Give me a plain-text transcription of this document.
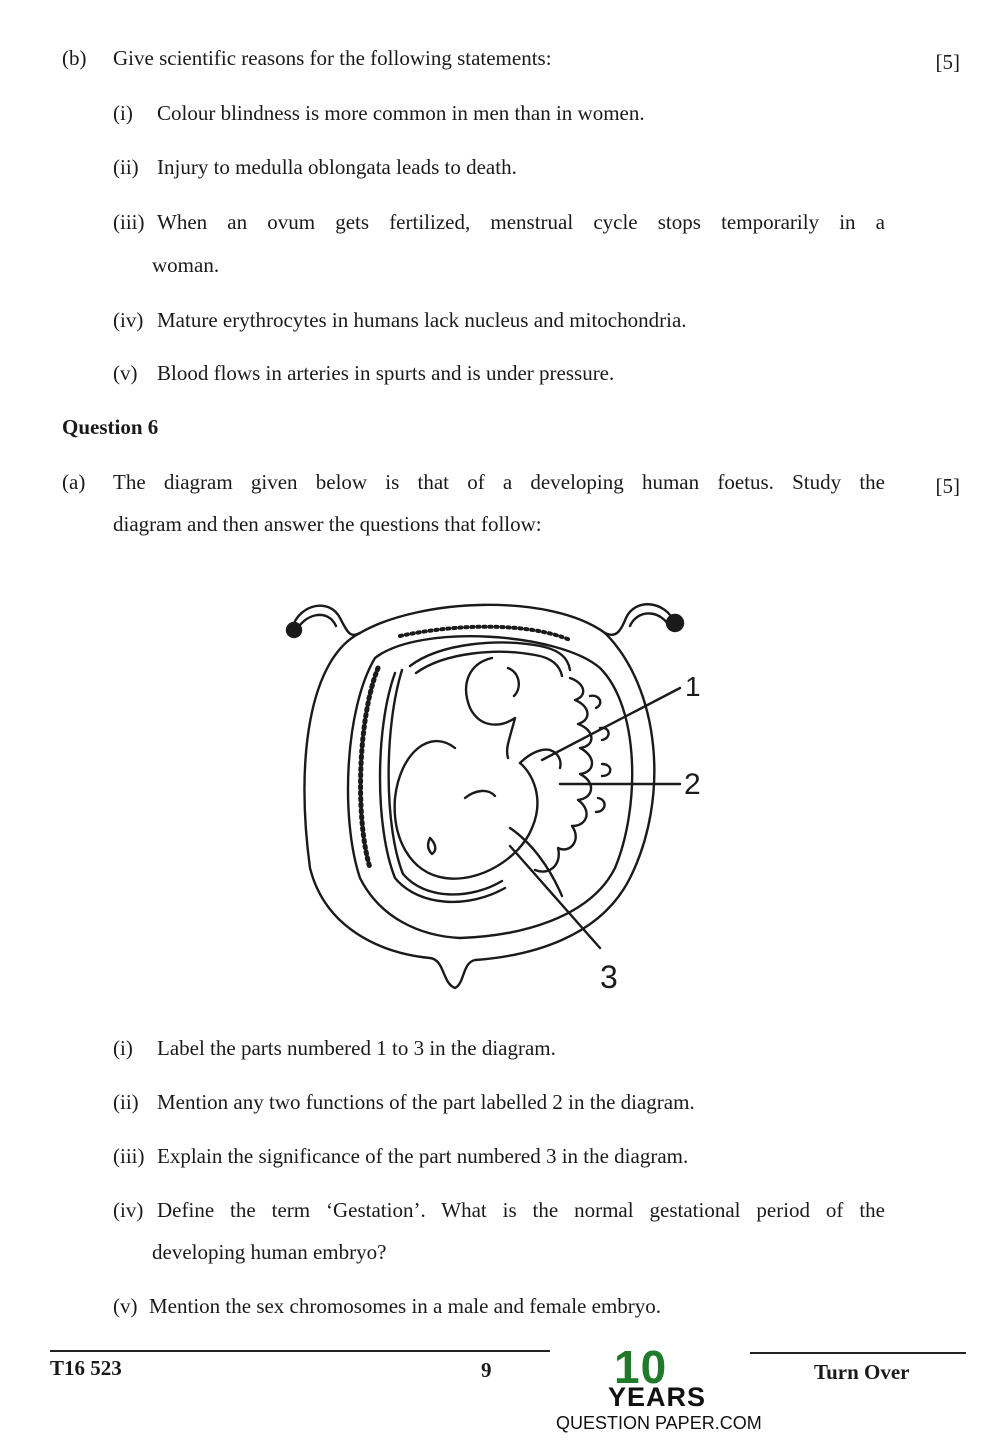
(b) Give scientific reasons for the following statements:	[5]
(i) Colour blindness is more common in men than in women.
(ii) Injury to medulla oblongata leads to death.
(iii) When an ovum gets fertilized, menstrual cycle stops temporarily in a
woman.
(iv) Mature erythrocytes in humans lack nucleus and mitochondria.
(v) Blood flows in arteries in spurts and is under pressure.
Question 6
(a) The diagram given below is that of a developing human foetus. Study the [5]
diagram and then answer the questions that follow:
1
2
3
(i) Label the parts numbered 1 to 3 in the diagram.
(ii) Mention any two functions of the part labelled 2 in the diagram.
(iii) Explain the significance of the part numbered 3 in the diagram.
(iv) Define the term ‘Gestation’. What is the normal gestational period of the
developing human embryo?
(v) Mention the sex chromosomes in a male and female embryo.
T16 523	9	Turn Over
10
YEARS
QUESTION PAPER.COM
